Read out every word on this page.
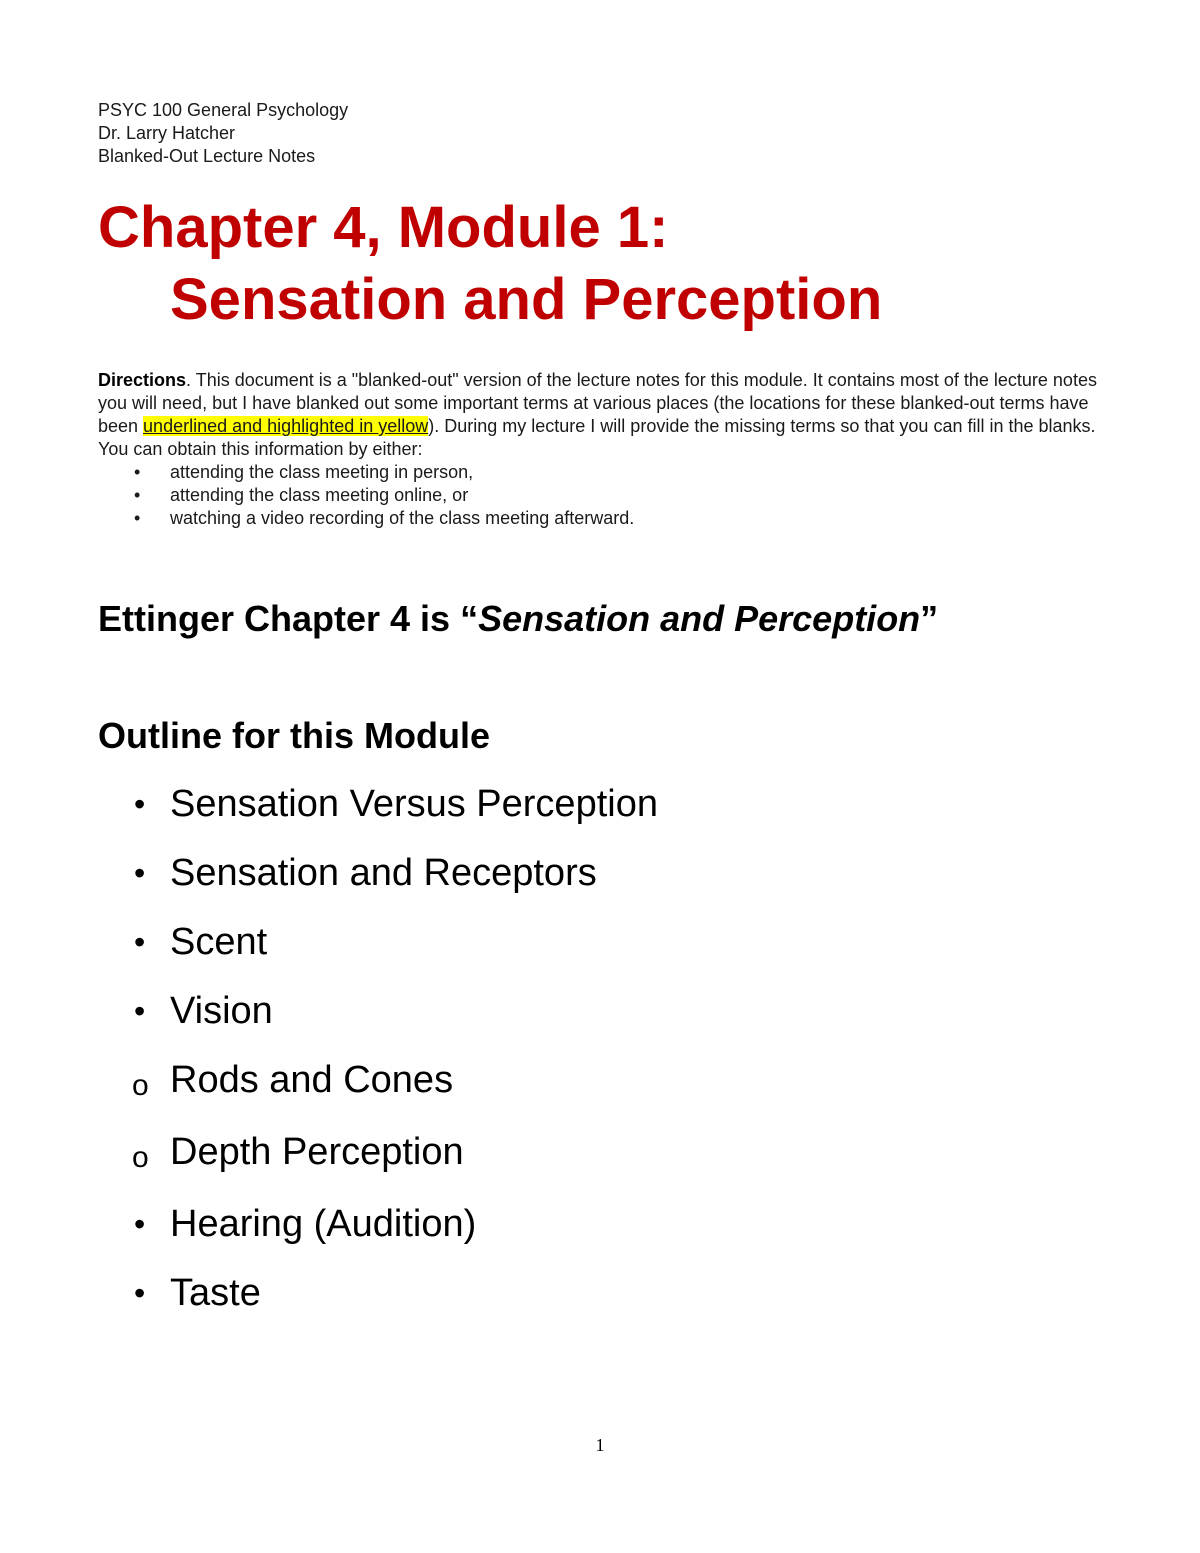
PSYC 100 General Psychology
Dr. Larry Hatcher
Blanked-Out Lecture Notes
Chapter 4, Module 1:
Sensation and Perception

Directions. This document is a "blanked-out" version of the lecture notes for this module. It contains most of the lecture notes you will need, but I have blanked out some important terms at various places (the locations for these blanked-out terms have been underlined and highlighted in yellow). During my lecture I will provide the missing terms so that you can fill in the blanks. You can obtain this information by either:

• attending the class meeting in person,
• attending the class meeting online, or
• watching a video recording of the class meeting afterward.
Ettinger Chapter 4 is “Sensation and Perception”
Outline for this Module
• Sensation Versus Perception
• Sensation and Receptors
• Scent
• Vision
o Rods and Cones
o Depth Perception
• Hearing (Audition)
• Taste
1
